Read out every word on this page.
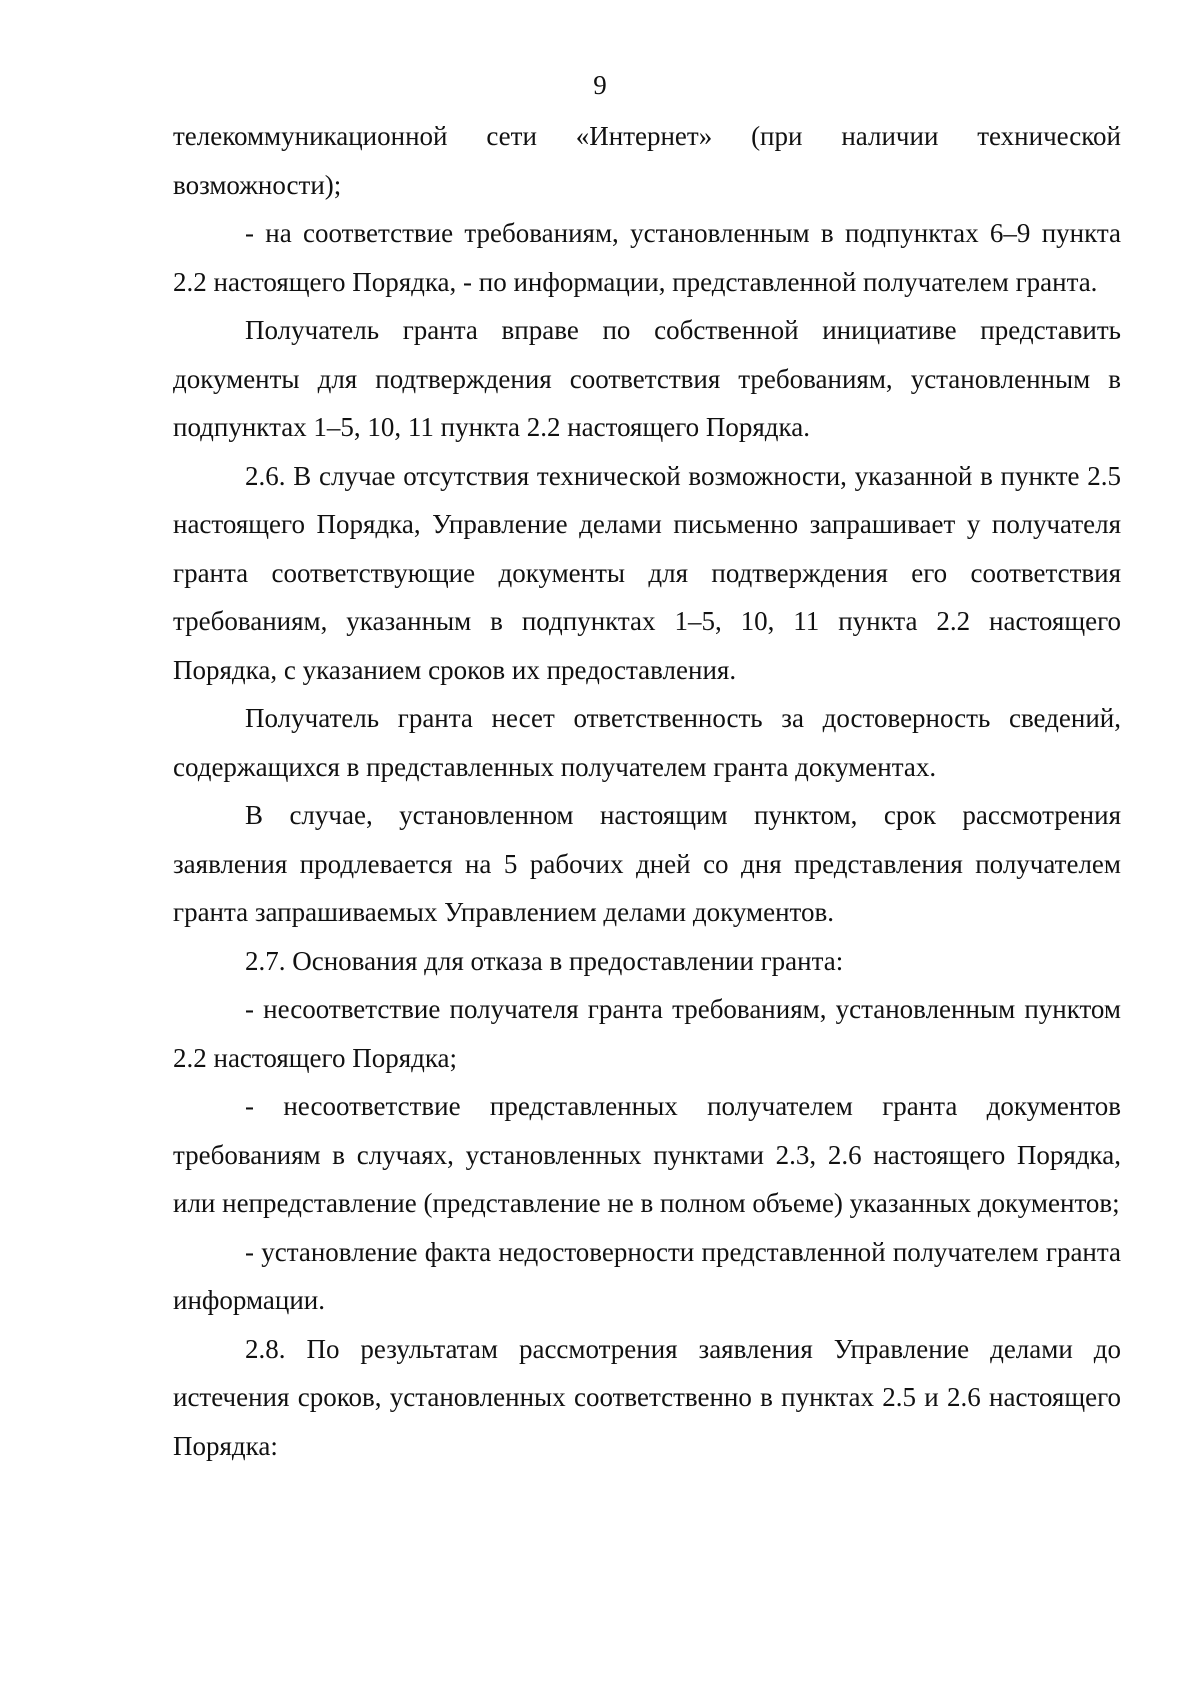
9

телекоммуникационной сети «Интернет» (при наличии технической возможности);

- на соответствие требованиям, установленным в подпунктах 6–9 пункта 2.2 настоящего Порядка, - по информации, представленной получателем гранта.

Получатель гранта вправе по собственной инициативе представить документы для подтверждения соответствия требованиям, установленным в подпунктах 1–5, 10, 11 пункта 2.2 настоящего Порядка.

2.6. В случае отсутствия технической возможности, указанной в пункте 2.5 настоящего Порядка, Управление делами письменно запрашивает у получателя гранта соответствующие документы для подтверждения его соответствия требованиям, указанным в подпунктах 1–5, 10, 11 пункта 2.2 настоящего Порядка, с указанием сроков их предоставления.

Получатель гранта несет ответственность за достоверность сведений, содержащихся в представленных получателем гранта документах.

В случае, установленном настоящим пунктом, срок рассмотрения заявления продлевается на 5 рабочих дней со дня представления получателем гранта запрашиваемых Управлением делами документов.

2.7. Основания для отказа в предоставлении гранта:

- несоответствие получателя гранта требованиям, установленным пунктом 2.2 настоящего Порядка;

- несоответствие представленных получателем гранта документов требованиям в случаях, установленных пунктами 2.3, 2.6 настоящего Порядка, или непредставление (представление не в полном объеме) указанных документов;

- установление факта недостоверности представленной получателем гранта информации.

2.8. По результатам рассмотрения заявления Управление делами до истечения сроков, установленных соответственно в пунктах 2.5 и 2.6 настоящего Порядка:
